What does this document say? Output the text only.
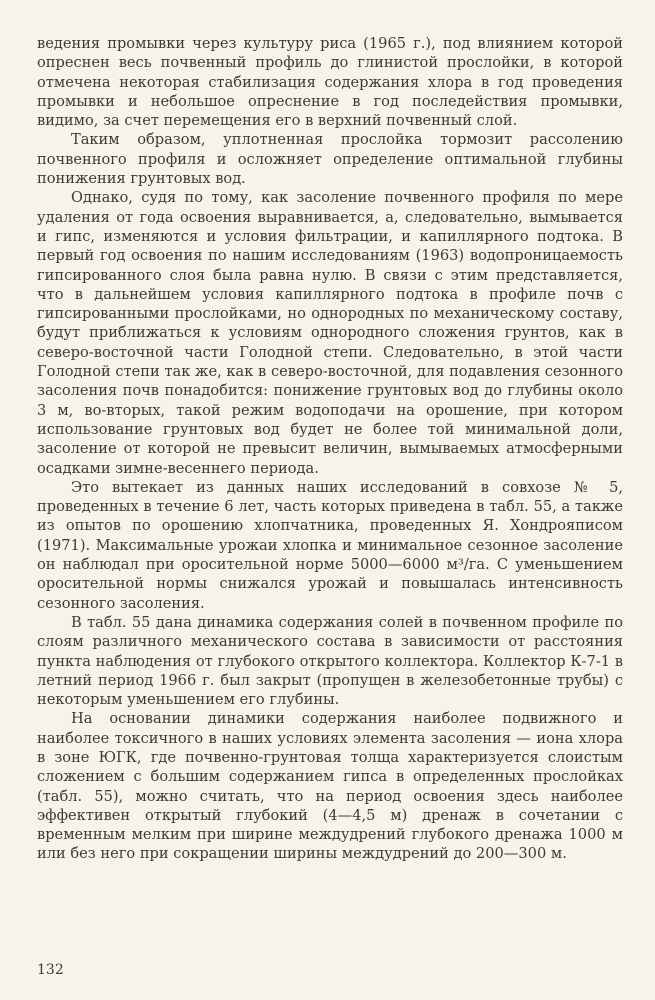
ведения промывки через культуру риса (1965 г.), под влиянием которой опреснен весь почвенный профиль до глинистой прослойки, в которой отмечена некоторая стабилизация содержания хлора в год проведения промывки и небольшое опреснение в год последействия промывки, видимо, за счет перемещения его в верхний почвенный слой.

Таким образом, уплотненная прослойка тормозит рассолению почвенного профиля и осложняет определение оптимальной глубины понижения грунтовых вод.

Однако, судя по тому, как засоление почвенного профиля по мере удаления от года освоения выравнивается, а, следовательно, вымывается и гипс, изменяются и условия фильтрации, и капиллярного подтока. В первый год освоения по нашим исследованиям (1963) водопроницаемость гипсированного слоя была равна нулю. В связи с этим представляется, что в дальнейшем условия капиллярного подтока в профиле почв с гипсированными прослойками, но однородных по механическому составу, будут приближаться к условиям однородного сложения грунтов, как в северо-восточной части Голодной степи. Следовательно, в этой части Голодной степи так же, как в северо-восточной, для подавления сезонного засоления почв понадобится: понижение грунтовых вод до глубины около 3 м, во-вторых, такой режим водоподачи на орошение, при котором использование грунтовых вод будет не более той минимальной доли, засоление от которой не превысит величин, вымываемых атмосферными осадками зимне-весеннего периода.

Это вытекает из данных наших исследований в совхозе № 5, проведенных в течение 6 лет, часть которых приведена в табл. 55, а также из опытов по орошению хлопчатника, проведенных Я. Хондрояписом (1971). Максимальные урожаи хлопка и минимальное сезонное засоление он наблюдал при оросительной норме 5000—6000 м³/га. С уменьшением оросительной нормы снижался урожай и повышалась интенсивность сезонного засоления.

В табл. 55 дана динамика содержания солей в почвенном профиле по слоям различного механического состава в зависимости от расстояния пункта наблюдения от глубокого открытого коллектора. Коллектор К-7-1 в летний период 1966 г. был закрыт (пропущен в железобетонные трубы) с некоторым уменьшением его глубины.

На основании динамики содержания наиболее подвижного и наиболее токсичного в наших условиях элемента засоления — иона хлора в зоне ЮГК, где почвенно-грунтовая толща характеризуется слоистым сложением с большим содержанием гипса в определенных прослойках (табл. 55), можно считать, что на период освоения здесь наиболее эффективен открытый глубокий (4—4,5 м) дренаж в сочетании с временным мелким при ширине междудрений глубокого дренажа 1000 м или без него при сокращении ширины междудрений до 200—300 м.

132
